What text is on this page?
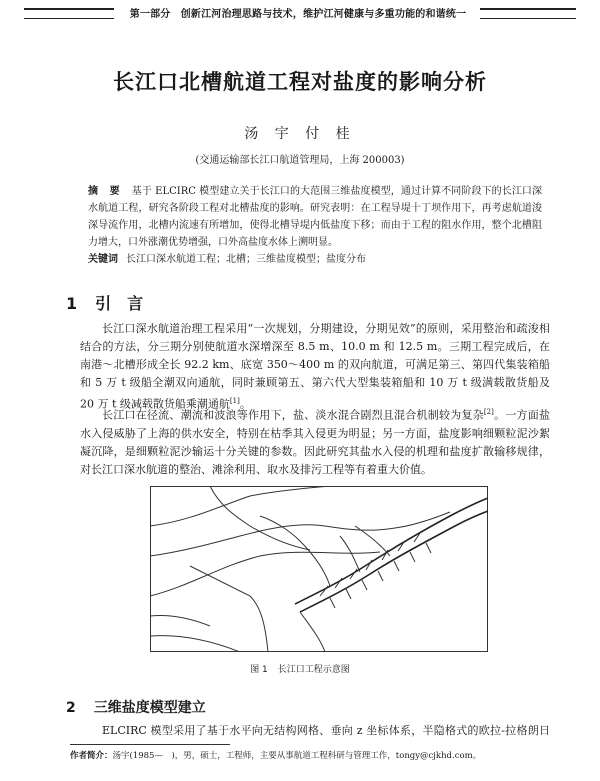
第一部分　创新江河治理思路与技术，维护江河健康与多重功能的和谐统一
长江口北槽航道工程对盐度的影响分析
汤 宇 付 桂
(交通运输部长江口航道管理局，上海 200003)
摘 要 基于 ELCIRC 模型建立关于长江口的大范围三维盐度模型，通过计算不同阶段下的长江口深水航道工程，研究各阶段工程对北槽盐度的影响。研究表明：在工程导堤十丁坝作用下，再考虑航道浚深导流作用，北槽内流速有所增加，使得北槽导堤内低盐度下移；而由于工程的阻水作用，整个北槽阻力增大，口外涨潮优势增强，口外高盐度水体上溯明显。
关键词 长江口深水航道工程；北槽；三维盐度模型；盐度分布
1 引　言
长江口深水航道治理工程采用“一次规划，分期建设，分期见效”的原则，采用整治和疏浚相结合的方法，分三期分别使航道水深增深至 8.5 m、10.0 m 和 12.5 m。三期工程完成后，在南港～北槽形成全长 92.2 km、底宽 350～400 m 的双向航道，可满足第三、第四代集装箱船和 5 万 t 级船全潮双向通航，同时兼顾第五、第六代大型集装箱船和 10 万 t 级满载散货船及 20 万 t 级减载散货船乘潮通航[1]。
长江口在径流、潮流和波浪等作用下，盐、淡水混合剧烈且混合机制较为复杂[2]。一方面盐水入侵威胁了上海的供水安全，特别在枯季其入侵更为明显；另一方面，盐度影响细颗粒泥沙絮凝沉降，是细颗粒泥沙输运十分关键的参数。因此研究其盐水入侵的机理和盐度扩散输移规律，对长江口深水航道的整治、滩涂利用、取水及排污工程等有着重大价值。
图 1 长江口工程示意图
2 三维盐度模型建立
ELCIRC 模型采用了基于水平向无结构网格、垂向 z 坐标体系，半隐格式的欧拉-拉格朗日
作者简介：汤宇(1985—　)，男，硕士，工程师，主要从事航道工程科研与管理工作，tongy@cjkhd.com。
